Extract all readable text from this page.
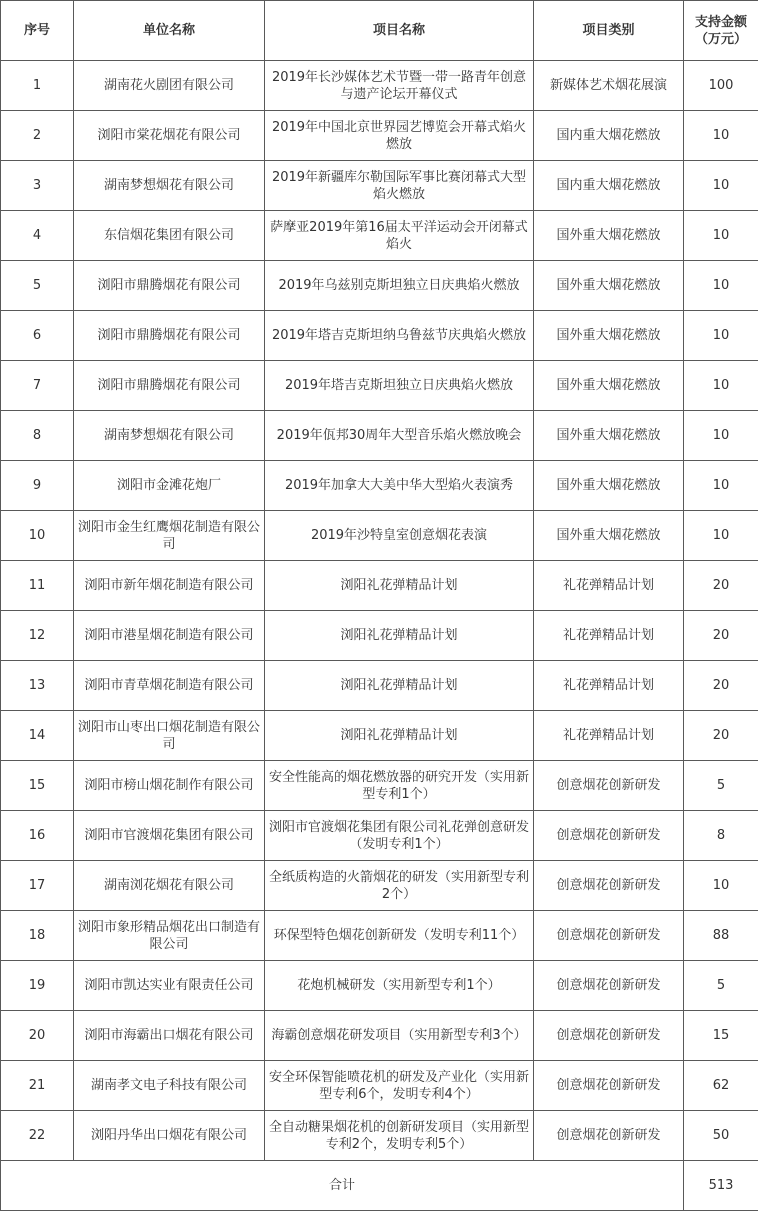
序号	单位名称	项目名称	项目类别	支持金额（万元）
1	湖南花火剧团有限公司	2019年长沙媒体艺术节暨一带一路青年创意与遗产论坛开幕仪式	新媒体艺术烟花展演	100
2	浏阳市棠花烟花有限公司	2019年中国北京世界园艺博览会开幕式焰火燃放	国内重大烟花燃放	10
3	湖南梦想烟花有限公司	2019年新疆库尔勒国际军事比赛闭幕式大型焰火燃放	国内重大烟花燃放	10
4	东信烟花集团有限公司	萨摩亚2019年第16届太平洋运动会开闭幕式焰火	国外重大烟花燃放	10
5	浏阳市鼎腾烟花有限公司	2019年乌兹别克斯坦独立日庆典焰火燃放	国外重大烟花燃放	10
6	浏阳市鼎腾烟花有限公司	2019年塔吉克斯坦纳乌鲁兹节庆典焰火燃放	国外重大烟花燃放	10
7	浏阳市鼎腾烟花有限公司	2019年塔吉克斯坦独立日庆典焰火燃放	国外重大烟花燃放	10
8	湖南梦想烟花有限公司	2019年佤邦30周年大型音乐焰火燃放晚会	国外重大烟花燃放	10
9	浏阳市金滩花炮厂	2019年加拿大大美中华大型焰火表演秀	国外重大烟花燃放	10
10	浏阳市金生红鹰烟花制造有限公司	2019年沙特皇室创意烟花表演	国外重大烟花燃放	10
11	浏阳市新年烟花制造有限公司	浏阳礼花弹精品计划	礼花弹精品计划	20
12	浏阳市港星烟花制造有限公司	浏阳礼花弹精品计划	礼花弹精品计划	20
13	浏阳市青草烟花制造有限公司	浏阳礼花弹精品计划	礼花弹精品计划	20
14	浏阳市山枣出口烟花制造有限公司	浏阳礼花弹精品计划	礼花弹精品计划	20
15	浏阳市榜山烟花制作有限公司	安全性能高的烟花燃放器的研究开发（实用新型专利1个）	创意烟花创新研发	5
16	浏阳市官渡烟花集团有限公司	浏阳市官渡烟花集团有限公司礼花弹创意研发（发明专利1个）	创意烟花创新研发	8
17	湖南浏花烟花有限公司	全纸质构造的火箭烟花的研发（实用新型专利2个）	创意烟花创新研发	10
18	浏阳市象形精品烟花出口制造有限公司	环保型特色烟花创新研发（发明专利11个）	创意烟花创新研发	88
19	浏阳市凯达实业有限责任公司	花炮机械研发（实用新型专利1个）	创意烟花创新研发	5
20	浏阳市海霸出口烟花有限公司	海霸创意烟花研发项目（实用新型专利3个）	创意烟花创新研发	15
21	湖南孝文电子科技有限公司	安全环保智能喷花机的研发及产业化（实用新型专利6个，发明专利4个）	创意烟花创新研发	62
22	浏阳丹华出口烟花有限公司	全自动糖果烟花机的创新研发项目（实用新型专利2个，发明专利5个）	创意烟花创新研发	50
合计				513
